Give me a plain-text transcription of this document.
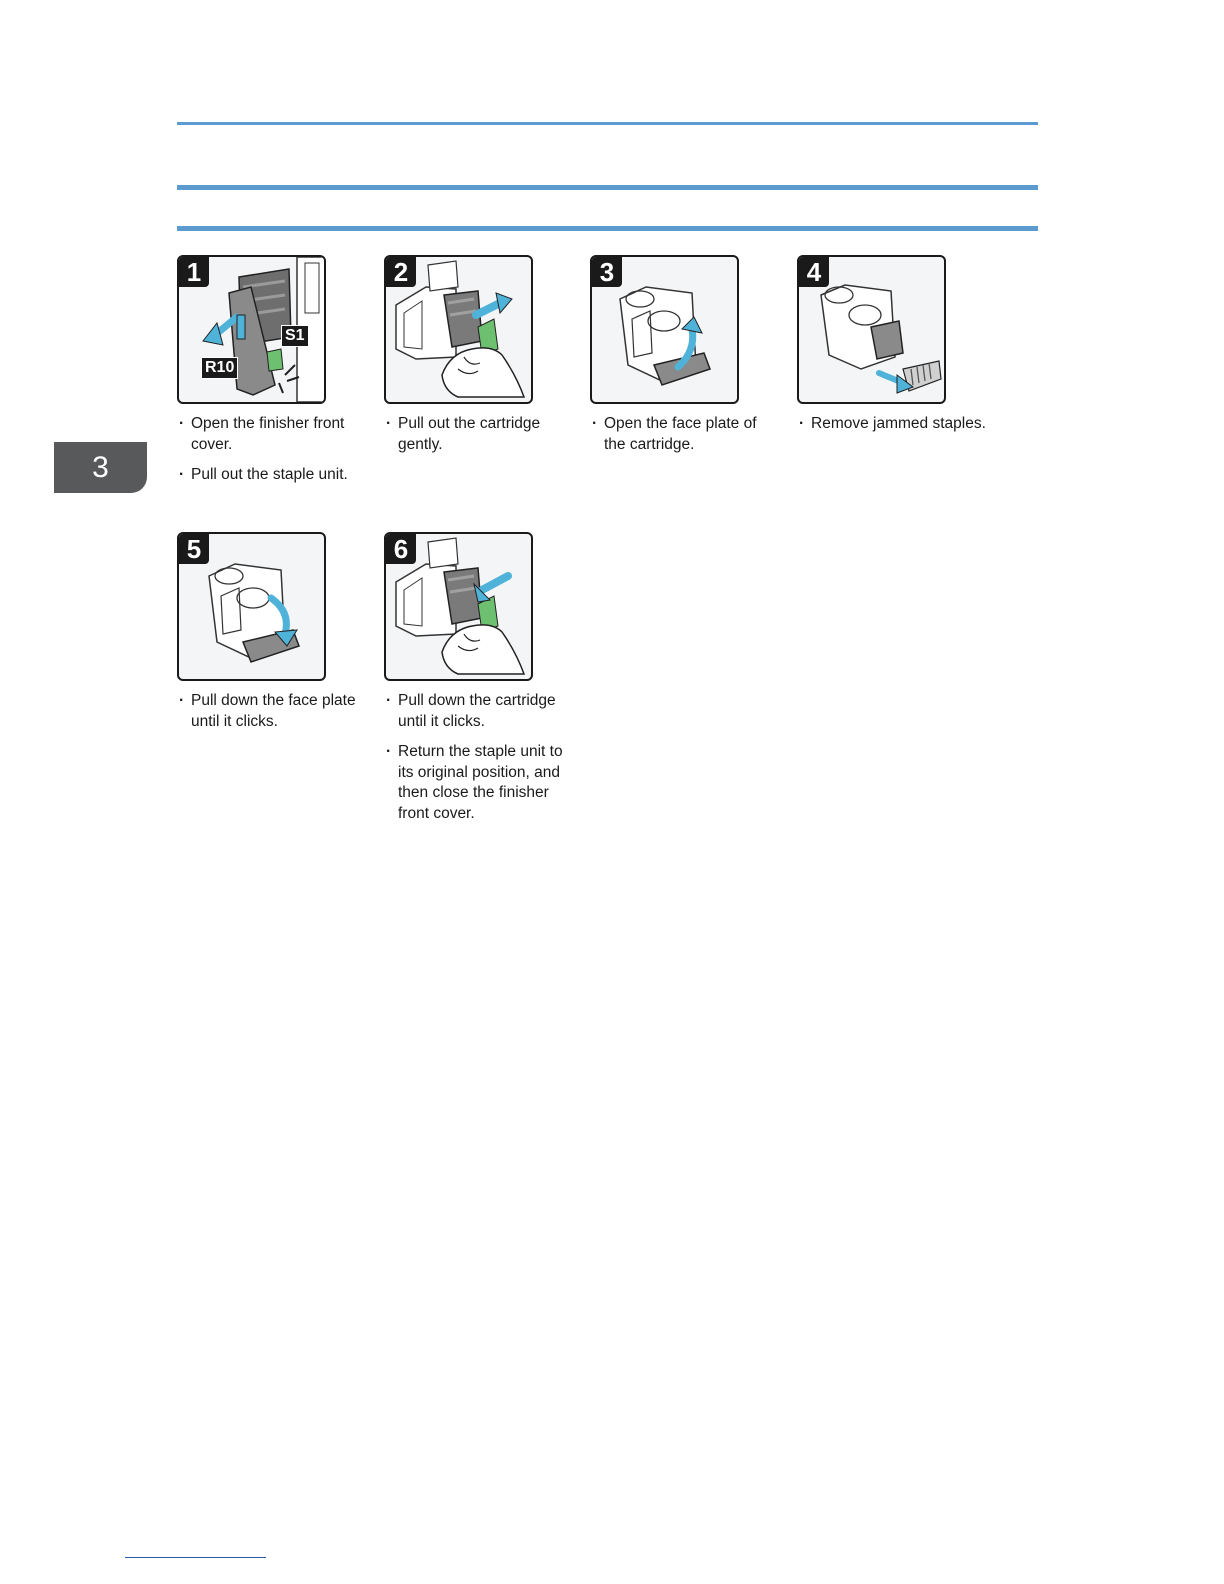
3
1
S1
R10

· Open the finisher front cover.

· Pull out the staple unit.

2

· Pull out the cartridge gently.

3

· Open the face plate of the cartridge.

4

· Remove jammed staples.

5

· Pull down the face plate until it clicks.

6

· Pull down the cartridge until it clicks.

· Return the staple unit to its original position, and then close the finisher front cover.
